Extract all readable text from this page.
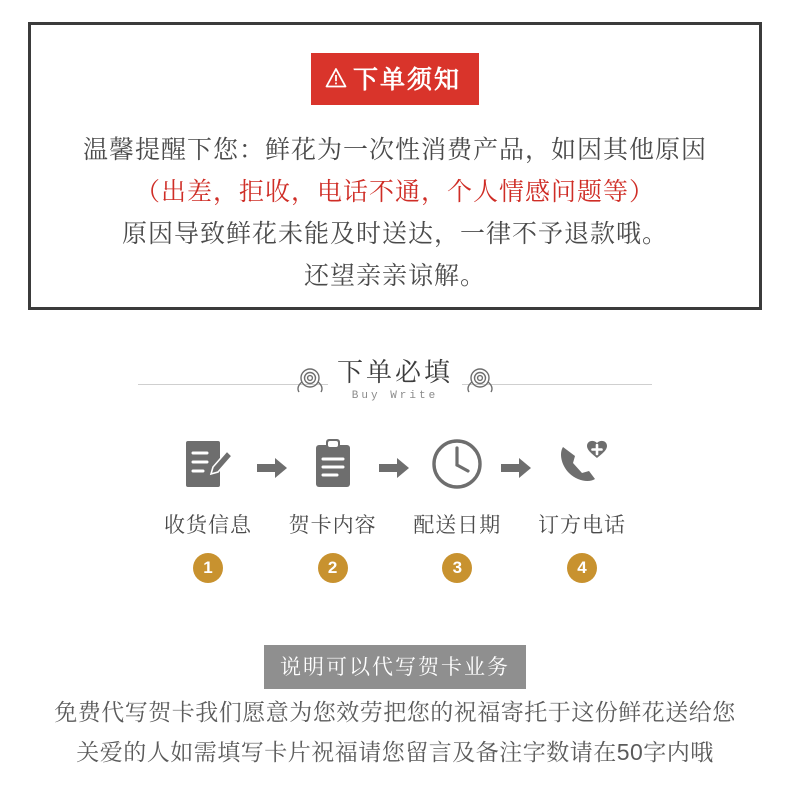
下单须知
温馨提醒下您：鲜花为一次性消费产品，如因其他原因
（出差，拒收，电话不通，个人情感问题等）
原因导致鲜花未能及时送达，一律不予退款哦。
还望亲亲谅解。
下单必填
Buy Write
收货信息
1
贺卡内容
2
配送日期
3
订方电话
4
说明可以代写贺卡业务
免费代写贺卡我们愿意为您效劳把您的祝福寄托于这份鲜花送给您
关爱的人如需填写卡片祝福请您留言及备注字数请在50字内哦
